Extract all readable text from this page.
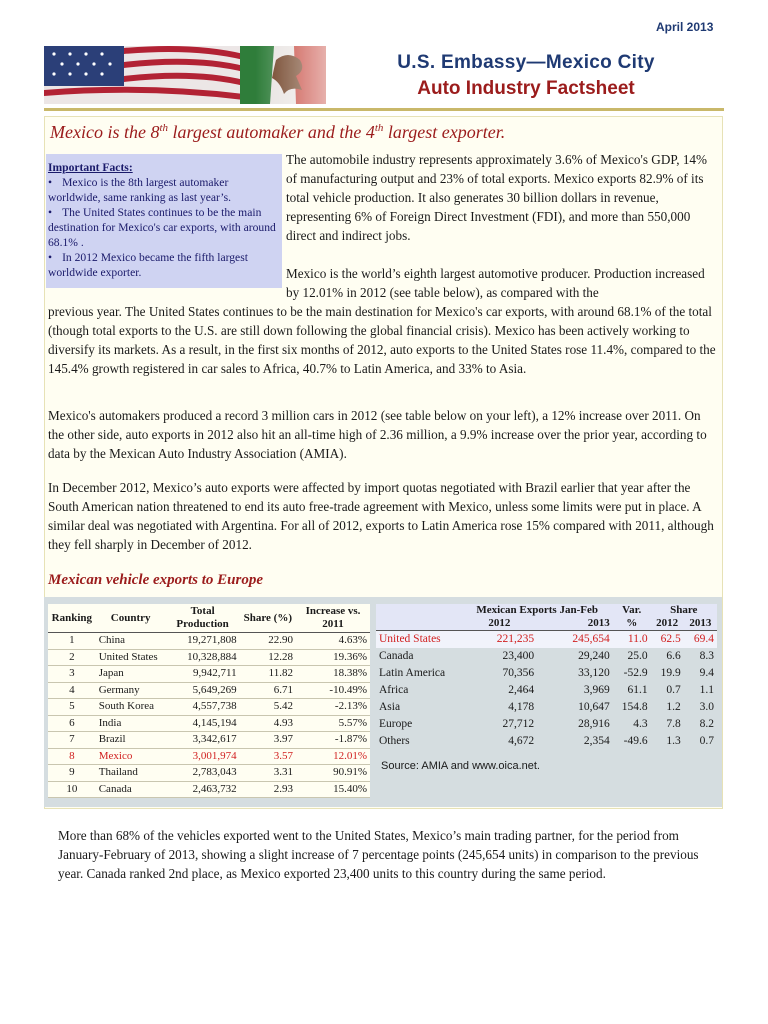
April 2013
U.S. Embassy—Mexico City
Auto Industry Factsheet
Mexico is the 8th largest automaker and the 4th largest exporter.
Important Facts:
• Mexico is the 8th largest automaker worldwide, same ranking as last year’s.
• The United States continues to be the main destination for Mexico's car exports, with around 68.1% .
• In 2012 Mexico became the fifth largest worldwide exporter.
The automobile industry represents approximately 3.6% of Mexico's GDP, 14% of manufacturing output and 23% of total exports. Mexico exports 82.9% of its total vehicle production. It also generates 30 billion dollars in revenue, representing 6% of Foreign Direct Investment (FDI), and more than 550,000 direct and indirect jobs.
Mexico is the world’s eighth largest automotive producer. Production increased by 12.01% in 2012 (see table below), as compared with the
previous year. The United States continues to be the main destination for Mexico's car exports, with around 68.1% of the total (though total exports to the U.S. are still down following the global financial crisis). Mexico has been actively working to diversify its markets. As a result, in the first six months of 2012, auto exports to the United States rose 11.4%, compared to the 145.4% growth registered in car sales to Africa, 40.7% to Latin America, and 33% to Asia.
Mexico's automakers produced a record 3 million cars in 2012 (see table below on your left), a 12% increase over 2011. On the other side, auto exports in 2012 also hit an all-time high of 2.36 million, a 9.9% increase over the prior year, according to data by the Mexican Auto Industry Association (AMIA).
In December 2012, Mexico’s auto exports were affected by import quotas negotiated with Brazil earlier that year after the South American nation threatened to end its auto free-trade agreement with Mexico, unless some limits were put in place. A similar deal was negotiated with Argentina. For all of 2012, exports to Latin America rose 15% compared with 2011, although they fell sharply in December of 2012.
Mexican vehicle exports to Europe
Ranking	Country	Total Production	Share (%)	Increase vs. 2011
1	China	19,271,808	22.90	4.63%
2	United States	10,328,884	12.28	19.36%
3	Japan	9,942,711	11.82	18.38%
4	Germany	5,649,269	6.71	-10.49%
5	South Korea	4,557,738	5.42	-2.13%
6	India	4,145,194	4.93	5.57%
7	Brazil	3,342,617	3.97	-1.87%
8	Mexico	3,001,974	3.57	12.01%
9	Thailand	2,783,043	3.31	90.91%
10	Canada	2,463,732	2.93	15.40%
	Mexican Exports Jan-Feb		Var.	Share	
	2012	2013	%	2012	2013
United States	221,235	245,654	11.0	62.5	69.4
Canada	23,400	29,240	25.0	6.6	8.3
Latin America	70,356	33,120	-52.9	19.9	9.4
Africa	2,464	3,969	61.1	0.7	1.1
Asia	4,178	10,647	154.8	1.2	3.0
Europe	27,712	28,916	4.3	7.8	8.2
Others	4,672	2,354	-49.6	1.3	0.7
Source: AMIA and www.oica.net.
More than 68% of the vehicles exported went to the United States, Mexico’s main trading partner, for the period from January-February of 2013, showing a slight increase of 7 percentage points (245,654 units) in comparison to the previous year. Canada ranked 2nd place, as Mexico exported 23,400 units to this country during the same period.
